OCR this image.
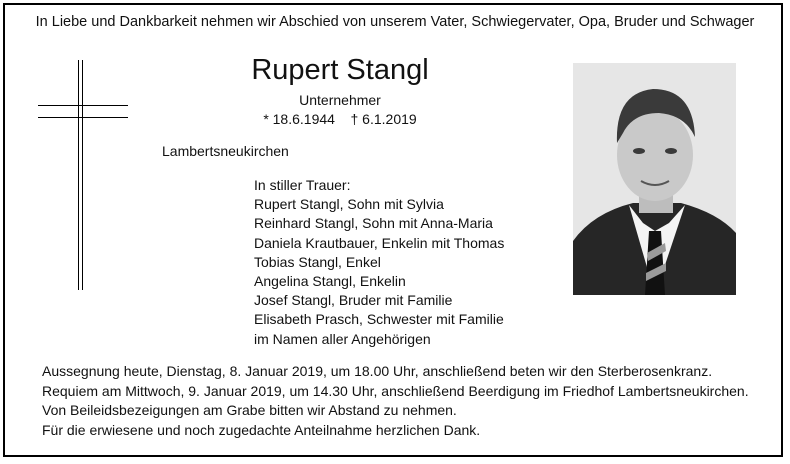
In Liebe und Dankbarkeit nehmen wir Abschied von unserem Vater, Schwiegervater, Opa, Bruder und Schwager
Rupert Stangl
Unternehmer
* 18.6.1944 † 6.1.2019
Lambertsneukirchen
In stiller Trauer:
Rupert Stangl, Sohn mit Sylvia
Reinhard Stangl, Sohn mit Anna-Maria
Daniela Krautbauer, Enkelin mit Thomas
Tobias Stangl, Enkel
Angelina Stangl, Enkelin
Josef Stangl, Bruder mit Familie
Elisabeth Prasch, Schwester mit Familie
im Namen aller Angehörigen
Aussegnung heute, Dienstag, 8. Januar 2019, um 18.00 Uhr, anschließend beten wir den Sterberosenkranz.
Requiem am Mittwoch, 9. Januar 2019, um 14.30 Uhr, anschließend Beerdigung im Friedhof Lambertsneukirchen.
Von Beileidsbezeigungen am Grabe bitten wir Abstand zu nehmen.
Für die erwiesene und noch zugedachte Anteilnahme herzlichen Dank.
